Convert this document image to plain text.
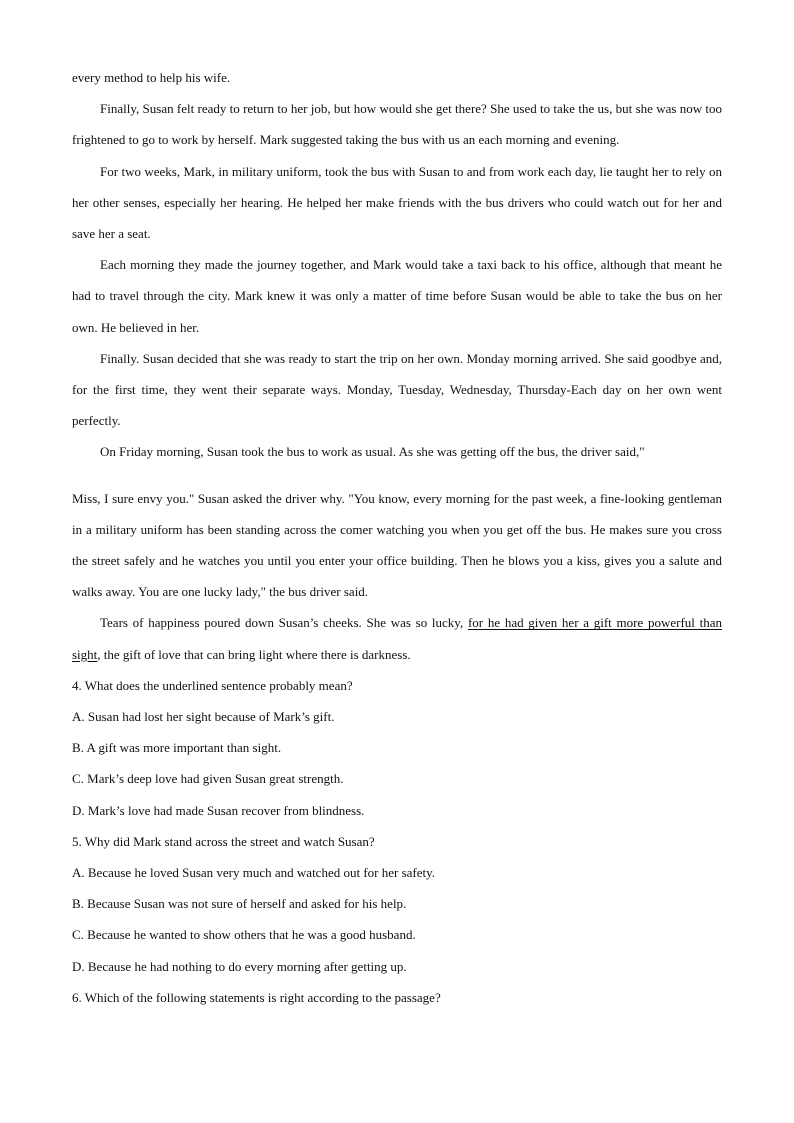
every method to help his wife.

Finally, Susan felt ready to return to her job, but how would she get there? She used to take the us, but she was now too frightened to go to work by herself. Mark suggested taking the bus with us an each morning and evening.

For two weeks, Mark, in military uniform, took the bus with Susan to and from work each day, lie taught her to rely on her other senses, especially her hearing. He helped her make friends with the bus drivers who could watch out for her and save her a seat.

Each morning they made the journey together, and Mark would take a taxi back to his office, although that meant he had to travel through the city. Mark knew it was only a matter of time before Susan would be able to take the bus on her own. He believed in her.

Finally. Susan decided that she was ready to start the trip on her own. Monday morning arrived. She said goodbye and, for the first time, they went their separate ways. Monday, Tuesday, Wednesday, Thursday-Each day on her own went perfectly.

On Friday morning, Susan took the bus to work as usual. As she was getting off the bus, the driver said,"

Miss, I sure envy you." Susan asked the driver why. "You know, every morning for the past week, a fine-looking gentleman in a military uniform has been standing across the comer watching you when you get off the bus. He makes sure you cross the street safely and he watches you until you enter your office building. Then he blows you a kiss, gives you a salute and walks away. You are one lucky lady," the bus driver said.

Tears of happiness poured down Susan’s cheeks. She was so lucky, for he had given her a gift more powerful than sight, the gift of love that can bring light where there is darkness.

4. What does the underlined sentence probably mean?

A. Susan had lost her sight because of Mark’s gift.

B. A gift was more important than sight.

C. Mark’s deep love had given Susan great strength.

D. Mark’s love had made Susan recover from blindness.

5. Why did Mark stand across the street and watch Susan?

A. Because he loved Susan very much and watched out for her safety.

B. Because Susan was not sure of herself and asked for his help.

C. Because he wanted to show others that he was a good husband.

D. Because he had nothing to do every morning after getting up.

6. Which of the following statements is right according to the passage?
